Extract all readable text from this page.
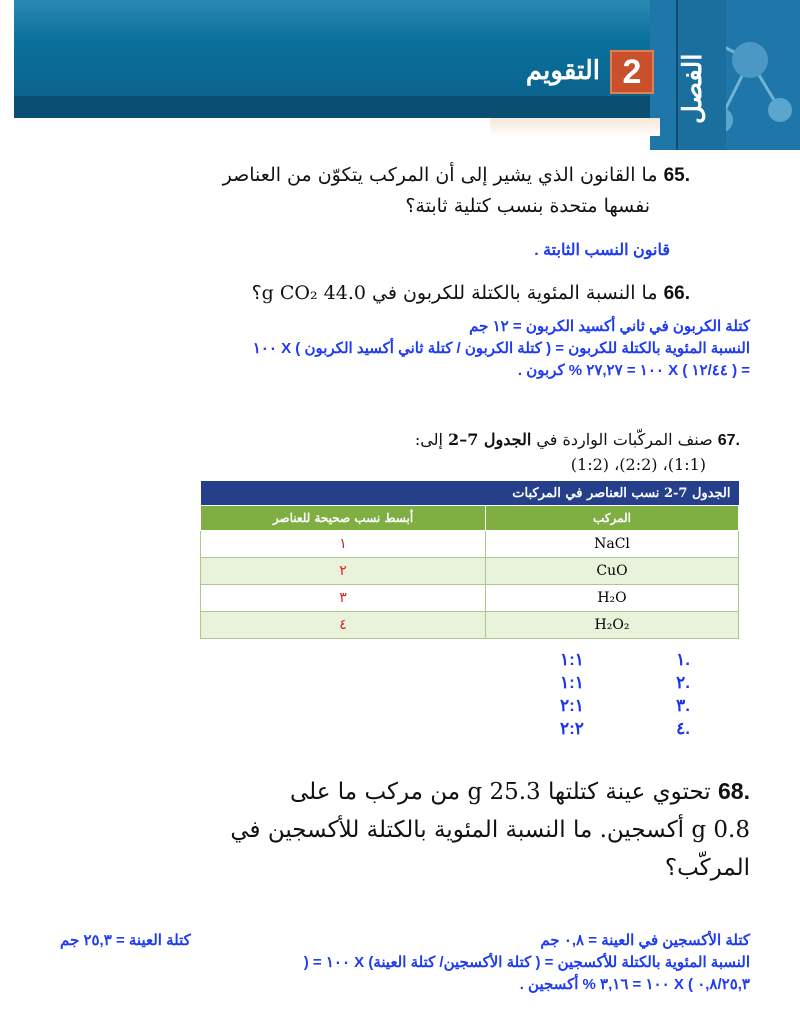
الفصل
2
التقويم
.65 ما القانون الذي يشير إلى أن المركب يتكوّن من العناصر
نفسها متحدة بنسب كتلية ثابتة؟
قانون النسب الثابتة .
.66 ما النسبة المئوية بالكتلة للكربون في 44.0 g CO₂؟
كتلة الكربون في ثاني أكسيد الكربون = ١٢ جم
النسبة المئوية بالكتلة للكربون = ( كتلة الكربون / كتلة ثاني أكسيد الكربون ) X ١٠٠
= ( ١٢/٤٤ ) X ١٠٠ = ٢٧,٢٧ % كربون .
.67 صنف المركّبات الواردة في الجدول 7–2 إلى:
(1:2) ،(2:2) ،(1:1)
الجدول 7-2 نسب العناصر في المركبات	
المركب	أبسط نسب صحيحة للعناصر
NaCl	١
CuO	٢
H₂O	٣
H₂O₂	٤
.١
١:١
.٢
١:١
.٣
٢:١
.٤
٢:٢
.68 تحتوي عينة كتلتها 25.3 g من مركب ما على
0.8 g أكسجين. ما النسبة المئوية بالكتلة للأكسجين في
المركّب؟
كتلة الأكسجين في العينة = ٠,٨ جم
كتلة العينة = ٢٥,٣ جم
النسبة المئوية بالكتلة للأكسجين = ( كتلة الأكسجين/ كتلة العينة) X ١٠٠ = (
٠,٨/٢٥,٣ ) X ١٠٠ = ٣,١٦ % أكسجين .
